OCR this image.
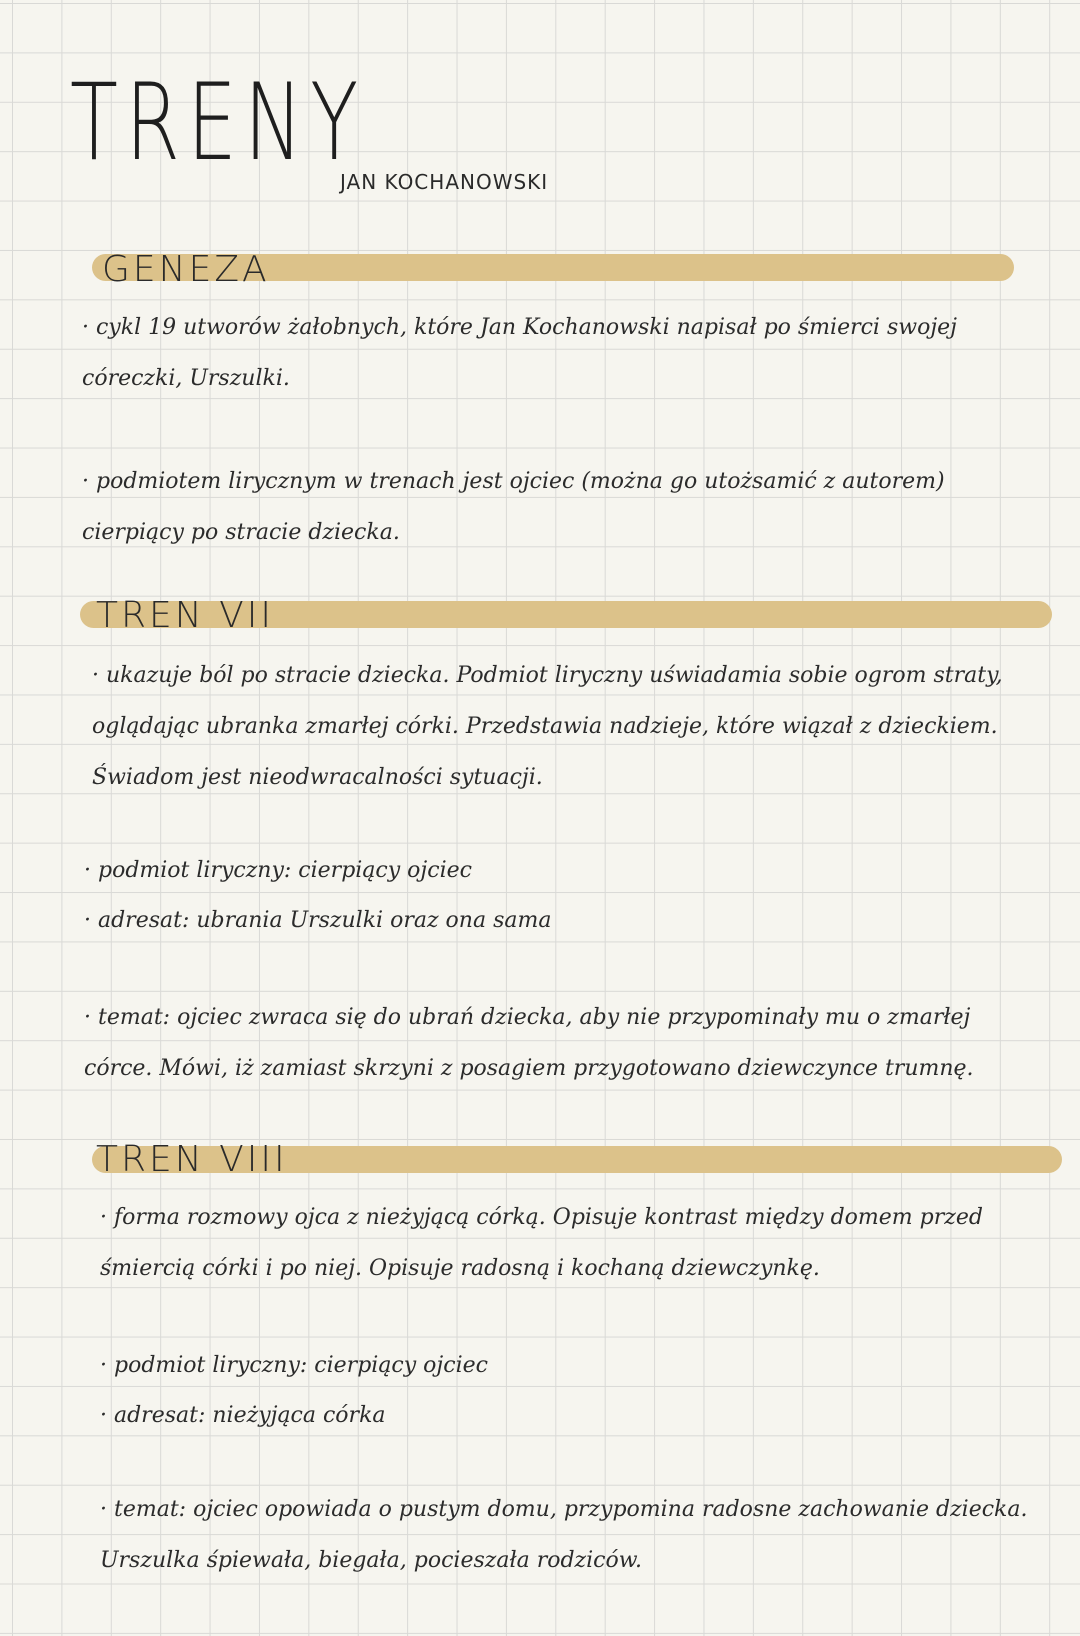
TRENY
JAN KOCHANOWSKI
GENEZA
· cykl 19 utworów żałobnych, które Jan Kochanowski napisał po śmierci swojej córeczki, Urszulki.
· podmiotem lirycznym w trenach jest ojciec (można go utożsamić z autorem) cierpiący po stracie dziecka.
TREN VII
· ukazuje ból po stracie dziecka. Podmiot liryczny uświadamia sobie ogrom straty, oglądając ubranka zmarłej córki. Przedstawia nadzieje, które wiązał z dzieckiem. Świadom jest nieodwracalności sytuacji.
· podmiot liryczny: cierpiący ojciec
· adresat: ubrania Urszulki oraz ona sama
· temat: ojciec zwraca się do ubrań dziecka, aby nie przypominały mu o zmarłej córce. Mówi, iż zamiast skrzyni z posagiem przygotowano dziewczynce trumnę.
TREN VIII
· forma rozmowy ojca z nieżyjącą córką. Opisuje kontrast między domem przed śmiercią córki i po niej. Opisuje radosną i kochaną dziewczynkę.
· podmiot liryczny: cierpiący ojciec
· adresat: nieżyjąca córka
· temat: ojciec opowiada o pustym domu, przypomina radosne zachowanie dziecka. Urszulka śpiewała, biegała, pocieszała rodziców.
